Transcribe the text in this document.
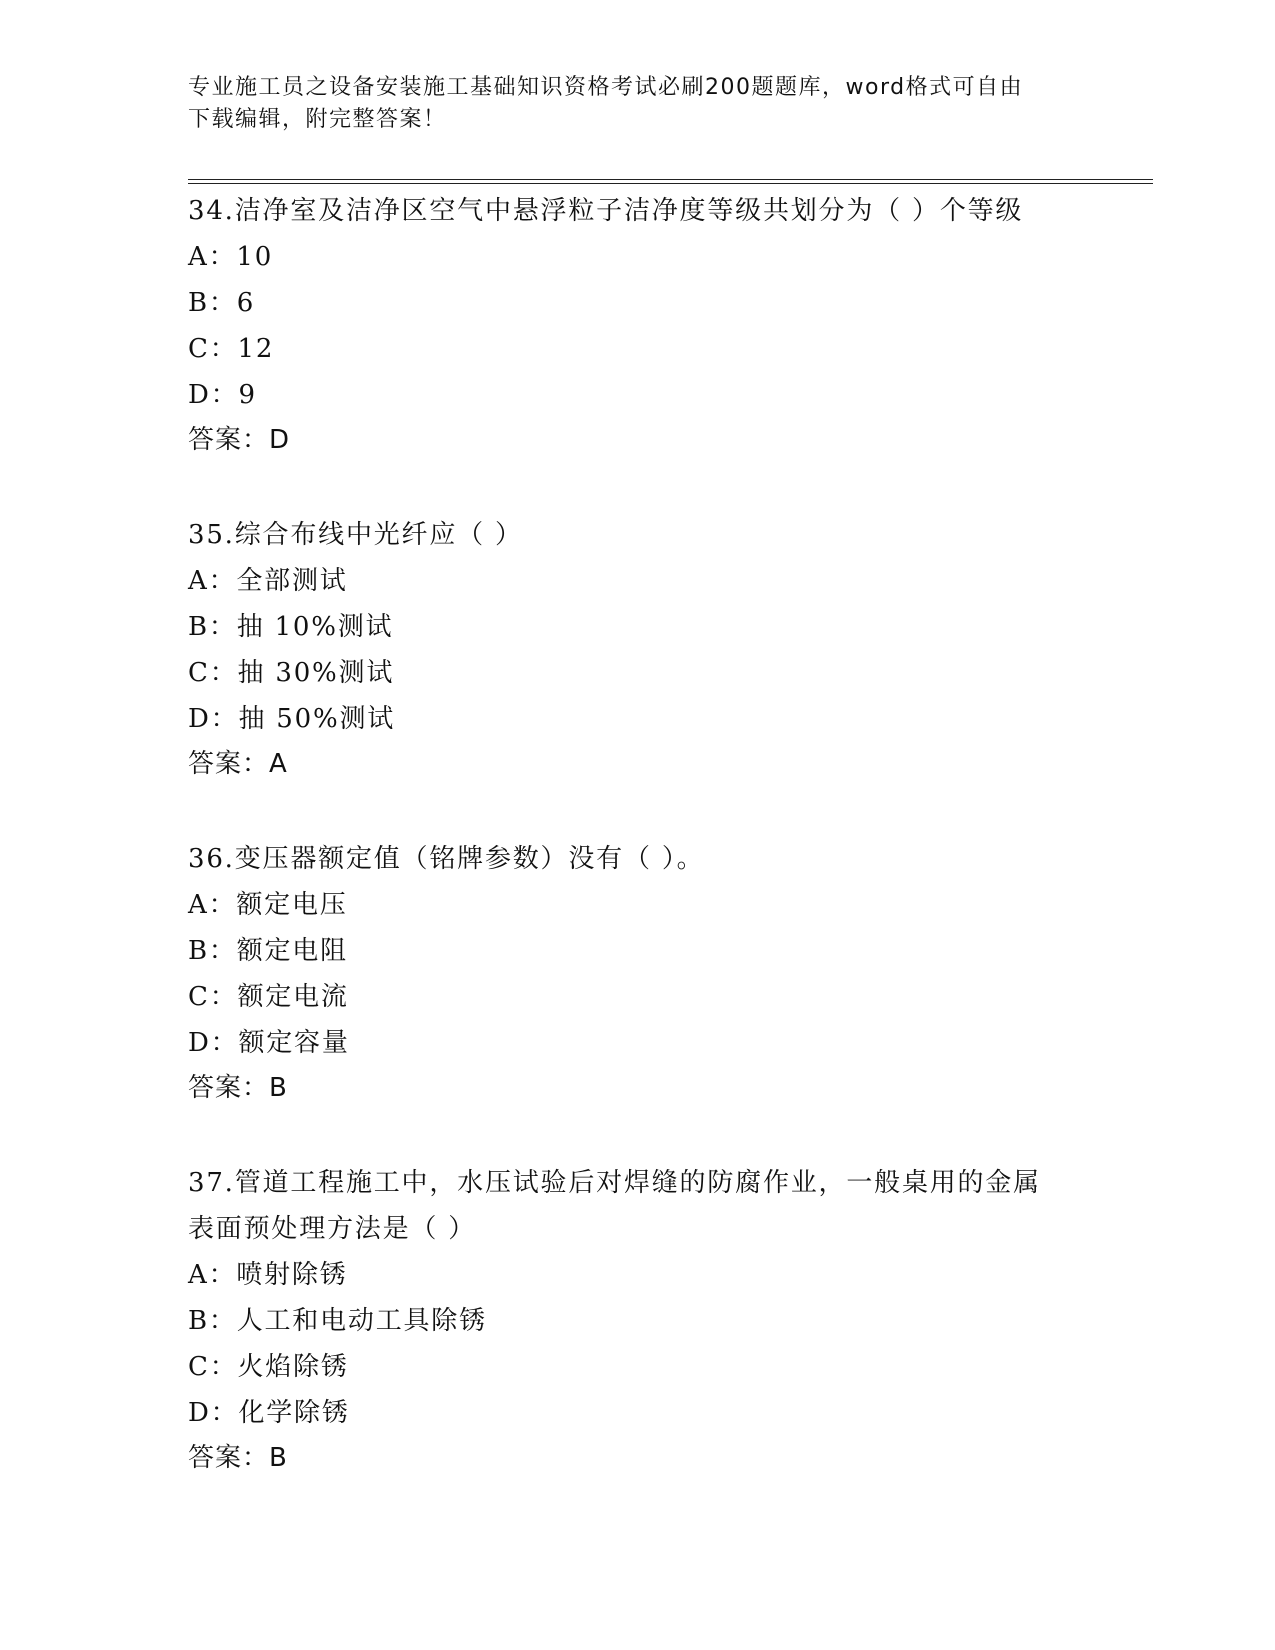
专业施工员之设备安装施工基础知识资格考试必刷200题题库，word格式可自由

下载编辑，附完整答案！

34.洁净室及洁净区空气中悬浮粒子洁净度等级共划分为（ ）个等级

A：10

B：6

C：12

D：9

答案：D

35.综合布线中光纤应（ ）

A：全部测试

B：抽 10%测试

C：抽 30%测试

D：抽 50%测试

答案：A

36.变压器额定值（铭牌参数）没有（ ）。

A：额定电压

B：额定电阻

C：额定电流

D：额定容量

答案：B

37.管道工程施工中，水压试验后对焊缝的防腐作业，一般桌用的金属

表面预处理方法是（ ）

A：喷射除锈

B：人工和电动工具除锈

C：火焰除锈

D：化学除锈

答案：B
